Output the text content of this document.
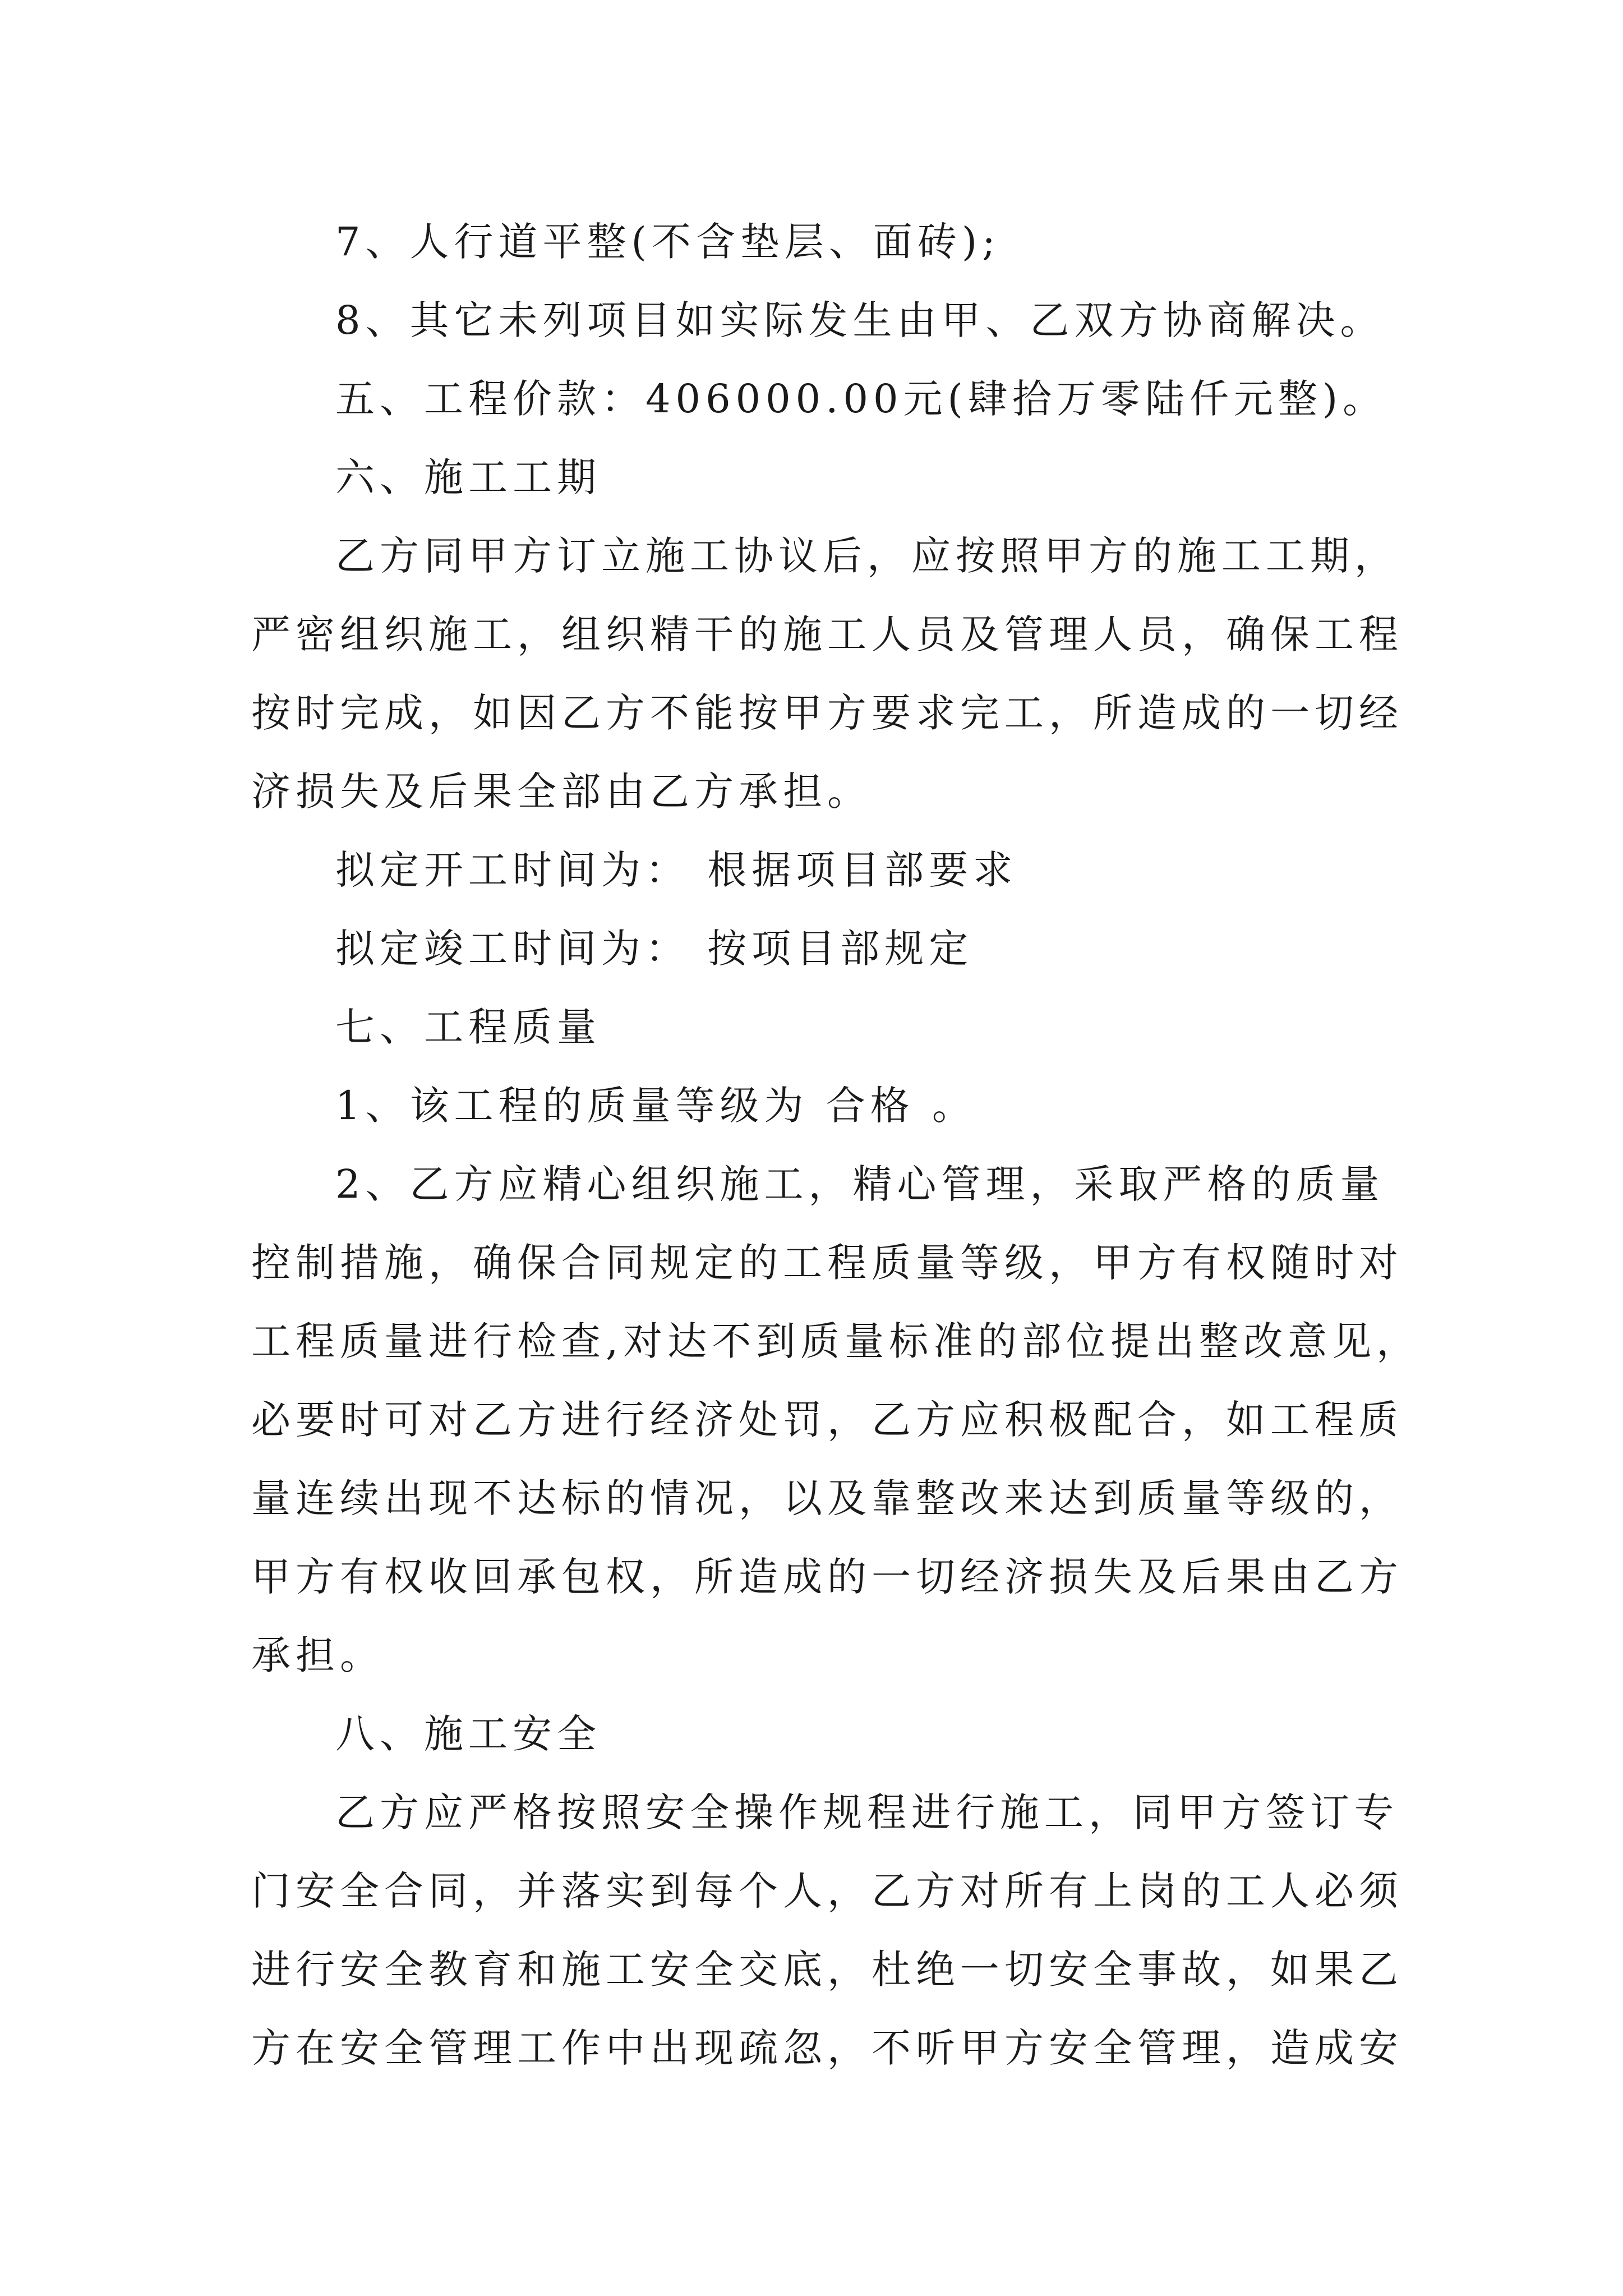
7、人行道平整(不含垫层、面砖);
8、其它未列项目如实际发生由甲、乙双方协商解决。
五、工程价款：406000.00元(肆拾万零陆仟元整)。
六、施工工期
乙方同甲方订立施工协议后，应按照甲方的施工工期，
严密组织施工，组织精干的施工人员及管理人员，确保工程
按时完成，如因乙方不能按甲方要求完工，所造成的一切经
济损失及后果全部由乙方承担。
拟定开工时间为： 根据项目部要求
拟定竣工时间为： 按项目部规定
七、工程质量
1、该工程的质量等级为 合格 。
2、乙方应精心组织施工，精心管理，采取严格的质量
控制措施，确保合同规定的工程质量等级，甲方有权随时对
工程质量进行检查,对达不到质量标准的部位提出整改意见，
必要时可对乙方进行经济处罚，乙方应积极配合，如工程质
量连续出现不达标的情况，以及靠整改来达到质量等级的，
甲方有权收回承包权，所造成的一切经济损失及后果由乙方
承担。
八、施工安全
乙方应严格按照安全操作规程进行施工，同甲方签订专
门安全合同，并落实到每个人，乙方对所有上岗的工人必须
进行安全教育和施工安全交底，杜绝一切安全事故，如果乙
方在安全管理工作中出现疏忽，不听甲方安全管理，造成安
